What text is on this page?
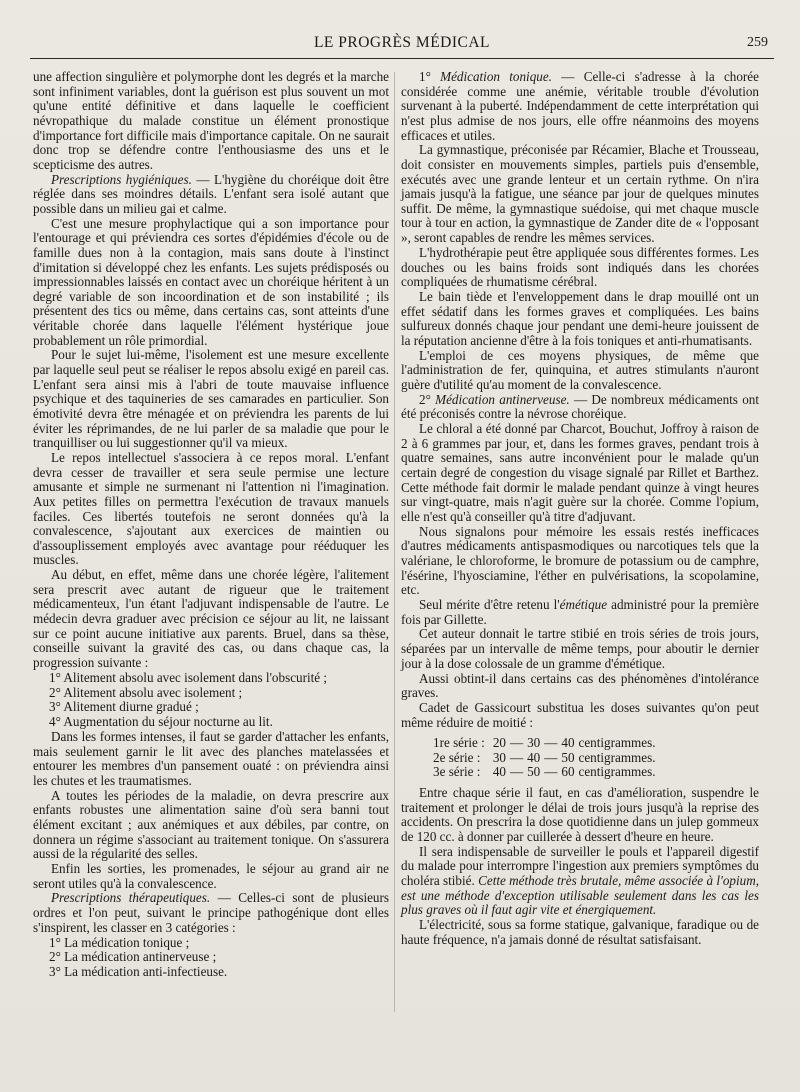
LE PROGRÈS MÉDICAL	259

une affection singulière et polymorphe dont les degrés et la marche sont infiniment variables, dont la guérison est plus souvent un mot qu'une entité définitive et dans laquelle le coefficient névropathique du malade constitue un élément pronostique d'importance fort difficile mais d'importance capitale. On ne saurait donc trop se défendre contre l'enthousiasme des uns et le scepticisme des autres.

Prescriptions hygiéniques. — L'hygiène du choréique doit être réglée dans ses moindres détails. L'enfant sera isolé autant que possible dans un milieu gai et calme.

C'est une mesure prophylactique qui a son importance pour l'entourage et qui préviendra ces sortes d'épidémies d'école ou de famille dues non à la contagion, mais sans doute à l'instinct d'imitation si développé chez les enfants. Les sujets prédisposés ou impressionnables laissés en contact avec un choréique héritent à un degré variable de son incoordination et de son instabilité ; ils présentent des tics ou même, dans certains cas, sont atteints d'une véritable chorée dans laquelle l'élément hystérique joue probablement un rôle primordial.

Pour le sujet lui-même, l'isolement est une mesure excellente par laquelle seul peut se réaliser le repos absolu exigé en pareil cas. L'enfant sera ainsi mis à l'abri de toute mauvaise influence psychique et des taquineries de ses camarades en particulier. Son émotivité devra être ménagée et on préviendra les parents de lui éviter les réprimandes, de ne lui parler de sa maladie que pour le tranquilliser ou lui suggestionner qu'il va mieux.

Le repos intellectuel s'associera à ce repos moral. L'enfant devra cesser de travailler et sera seule permise une lecture amusante et simple ne surmenant ni l'attention ni l'imagination. Aux petites filles on permettra l'exécution de travaux manuels faciles. Ces libertés toutefois ne seront données qu'à la convalescence, s'ajoutant aux exercices de maintien ou d'assouplissement employés avec avantage pour rééduquer les muscles.

Au début, en effet, même dans une chorée légère, l'alitement sera prescrit avec autant de rigueur que le traitement médicamenteux, l'un étant l'adjuvant indispensable de l'autre. Le médecin devra graduer avec précision ce séjour au lit, ne laissant sur ce point aucune initiative aux parents. Bruel, dans sa thèse, conseille suivant la gravité des cas, ou dans chaque cas, la progression suivante :

1° Alitement absolu avec isolement dans l'obscurité ;

2° Alitement absolu avec isolement ;

3° Alitement diurne gradué ;

4° Augmentation du séjour nocturne au lit.

Dans les formes intenses, il faut se garder d'attacher les enfants, mais seulement garnir le lit avec des planches matelassées et entourer les membres d'un pansement ouaté : on préviendra ainsi les chutes et les traumatismes.

A toutes les périodes de la maladie, on devra prescrire aux enfants robustes une alimentation saine d'où sera banni tout élément excitant ; aux anémiques et aux débiles, par contre, on donnera un régime s'associant au traitement tonique. On s'assurera aussi de la régularité des selles.

Enfin les sorties, les promenades, le séjour au grand air ne seront utiles qu'à la convalescence.

Prescriptions thérapeutiques. — Celles-ci sont de plusieurs ordres et l'on peut, suivant le principe pathogénique dont elles s'inspirent, les classer en 3 catégories :

1° La médication tonique ;

2° La médication antinerveuse ;

3° La médication anti-infectieuse.

1° Médication tonique. — Celle-ci s'adresse à la chorée considérée comme une anémie, véritable trouble d'évolution survenant à la puberté. Indépendamment de cette interprétation qui n'est plus admise de nos jours, elle offre néanmoins des moyens efficaces et utiles.

La gymnastique, préconisée par Récamier, Blache et Trousseau, doit consister en mouvements simples, partiels puis d'ensemble, exécutés avec une grande lenteur et un certain rythme. On n'ira jamais jusqu'à la fatigue, une séance par jour de quelques minutes suffit. De même, la gymnastique suédoise, qui met chaque muscle tour à tour en action, la gymnastique de Zander dite de « l'opposant », seront capables de rendre les mêmes services.

L'hydrothérapie peut être appliquée sous différentes formes. Les douches ou les bains froids sont indiqués dans les chorées compliquées de rhumatisme cérébral.

Le bain tiède et l'enveloppement dans le drap mouillé ont un effet sédatif dans les formes graves et compliquées. Les bains sulfureux donnés chaque jour pendant une demi-heure jouissent de la réputation ancienne d'être à la fois toniques et anti-rhumatisants.

L'emploi de ces moyens physiques, de même que l'administration de fer, quinquina, et autres stimulants n'auront guère d'utilité qu'au moment de la convalescence.

2° Médication antinerveuse. — De nombreux médicaments ont été préconisés contre la névrose choréique.

Le chloral a été donné par Charcot, Bouchut, Joffroy à raison de 2 à 6 grammes par jour, et, dans les formes graves, pendant trois à quatre semaines, sans autre inconvénient pour le malade qu'un certain degré de congestion du visage signalé par Rillet et Barthez. Cette méthode fait dormir le malade pendant quinze à vingt heures sur vingt-quatre, mais n'agit guère sur la chorée. Comme l'opium, elle n'est qu'à conseiller qu'à titre d'adjuvant.

Nous signalons pour mémoire les essais restés inefficaces d'autres médicaments antispasmodiques ou narcotiques tels que la valériane, le chloroforme, le bromure de potassium ou de camphre, l'ésérine, l'hyosciamine, l'éther en pulvérisations, la scopolamine, etc.

Seul mérite d'être retenu l'émétique administré pour la première fois par Gillette.

Cet auteur donnait le tartre stibié en trois séries de trois jours, séparées par un intervalle de même temps, pour aboutir le dernier jour à la dose colossale de un gramme d'émétique.

Aussi obtint-il dans certains cas des phénomènes d'intolérance graves.

Cadet de Gassicourt substitua les doses suivantes qu'on peut même réduire de moitié :

1re série :	20	—	30	—	40	centigrammes.
2e série :	30	—	40	—	50	centigrammes.
3e série :	40	—	50	—	60	centigrammes.

Entre chaque série il faut, en cas d'amélioration, suspendre le traitement et prolonger le délai de trois jours jusqu'à la reprise des accidents. On prescrira la dose quotidienne dans un julep gommeux de 120 cc. à donner par cuillerée à dessert d'heure en heure.

Il sera indispensable de surveiller le pouls et l'appareil digestif du malade pour interrompre l'ingestion aux premiers symptômes du choléra stibié. Cette méthode très brutale, même associée à l'opium, est une méthode d'exception utilisable seulement dans les cas les plus graves où il faut agir vite et énergiquement.

L'électricité, sous sa forme statique, galvanique, faradique ou de haute fréquence, n'a jamais donné de résultat satisfaisant.
